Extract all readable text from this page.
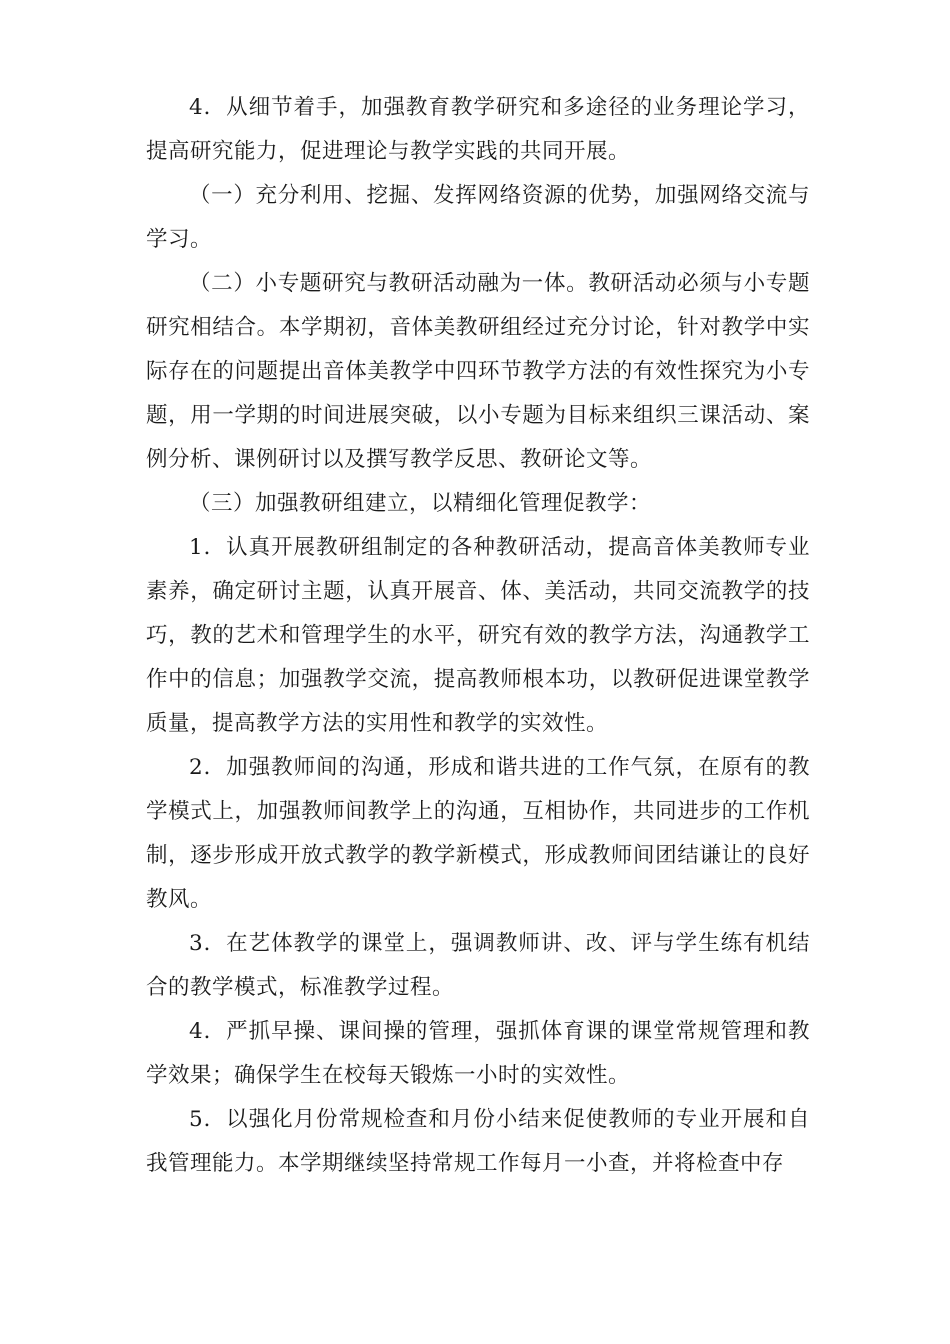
4．从细节着手，加强教育教学研究和多途径的业务理论学习，提高研究能力，促进理论与教学实践的共同开展。

（一）充分利用、挖掘、发挥网络资源的优势，加强网络交流与学习。

（二）小专题研究与教研活动融为一体。教研活动必须与小专题研究相结合。本学期初，音体美教研组经过充分讨论，针对教学中实际存在的问题提出音体美教学中四环节教学方法的有效性探究为小专题，用一学期的时间进展突破，以小专题为目标来组织三课活动、案例分析、课例研讨以及撰写教学反思、教研论文等。

（三）加强教研组建立，以精细化管理促教学：

1．认真开展教研组制定的各种教研活动，提高音体美教师专业素养，确定研讨主题，认真开展音、体、美活动，共同交流教学的技巧，教的艺术和管理学生的水平，研究有效的教学方法，沟通教学工作中的信息；加强教学交流，提高教师根本功，以教研促进课堂教学质量，提高教学方法的实用性和教学的实效性。

2．加强教师间的沟通，形成和谐共进的工作气氛，在原有的教学模式上，加强教师间教学上的沟通，互相协作，共同进步的工作机制，逐步形成开放式教学的教学新模式，形成教师间团结谦让的良好教风。

3．在艺体教学的课堂上，强调教师讲、改、评与学生练有机结合的教学模式，标准教学过程。

4．严抓早操、课间操的管理，强抓体育课的课堂常规管理和教学效果；确保学生在校每天锻炼一小时的实效性。

5．以强化月份常规检查和月份小结来促使教师的专业开展和自我管理能力。本学期继续坚持常规工作每月一小查，并将检查中存
